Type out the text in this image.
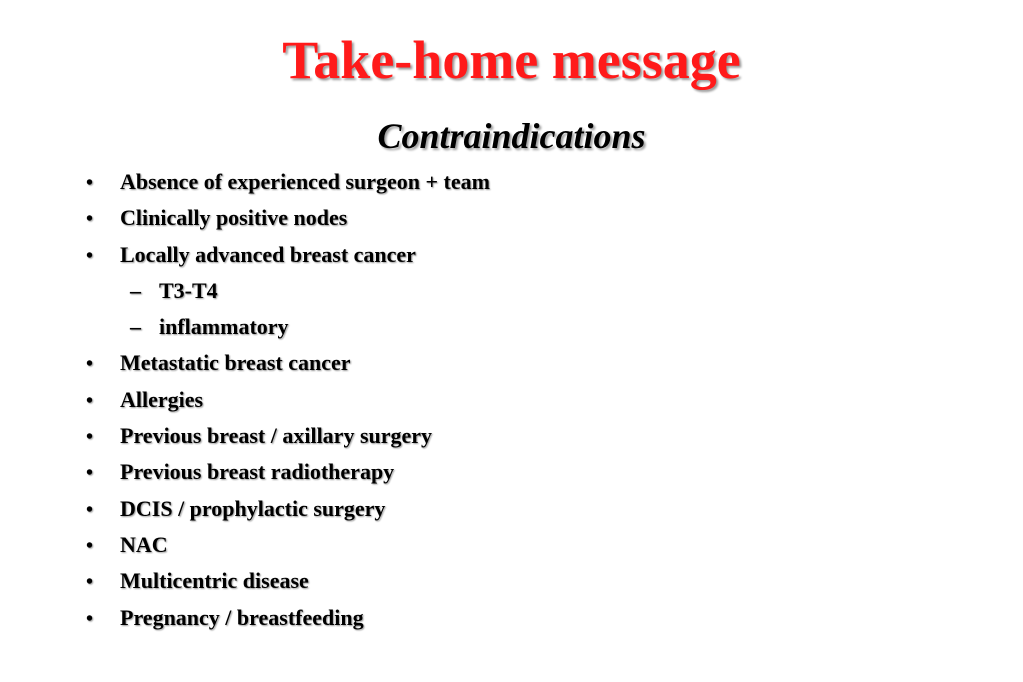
Take-home message
Contraindications
• Absence of experienced surgeon + team
• Clinically positive nodes
• Locally advanced breast cancer
– T3-T4
– inflammatory
• Metastatic breast cancer
• Allergies
• Previous breast / axillary surgery
• Previous breast radiotherapy
• DCIS / prophylactic surgery
• NAC
• Multicentric disease
• Pregnancy / breastfeeding
